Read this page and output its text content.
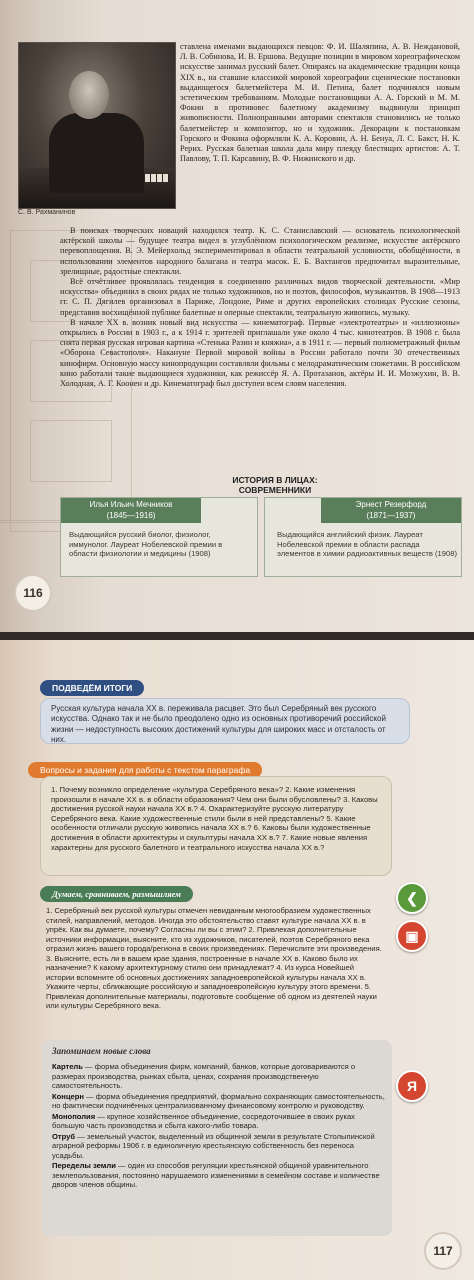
С. В. Рахманинов

ставлена именами выдающихся певцов: Ф. И. Шаляпина, А. В. Неждановой, Л. В. Собинова, И. В. Ершова. Ведущие позиции в мировом хореографическом искусстве занимал русский балет. Опираясь на академические традиции конца XIX в., на ставшие классикой мировой хореографии сценические постановки выдающегося балетмейстера М. И. Петипа, балет подчинялся новым эстетическим требованиям. Молодые постановщики А. А. Горский и М. М. Фокин в противовес балетному академизму выдвинули принцип живописности. Полноправными авторами спектакля становились не только балетмейстер и композитор, но и художник. Декорации к постановкам Горского и Фокина оформляли К. А. Коровин, А. Н. Бенуа, Л. С. Бакст, Н. К. Рерих. Русская балетная школа дала миру плеяду блестящих артистов: А. Т. Павлову, Т. П. Карсавину, В. Ф. Нижинского и др.

В поисках творческих новаций находился театр. К. С. Станиславский — основатель психологической актёрской школы — будущее театра видел в углублённом психологическом реализме, искусстве актёрского перевоплощения. В. Э. Мейерхольд экспериментировал в области театральной условности, обобщённости, в использовании элементов народного балагана и театра масок. Е. Б. Вахтангов предпочитал выразительные, зрелищные, радостные спектакли.

Всё отчётливее проявлялась тенденция к соединению различных видов творческой деятельности. «Мир искусства» объединил в своих рядах не только художников, но и поэтов, философов, музыкантов. В 1908—1913 гг. С. П. Дягилев организовал в Париже, Лондоне, Риме и других европейских столицах Русские сезоны, представив восхищённой публике балетные и оперные спектакли, театральную живопись, музыку.

В начале XX в. возник новый вид искусства — кинематограф. Первые «электротеатры» и «иллюзионы» открылись в России в 1903 г., а к 1914 г. зрителей приглашали уже около 4 тыс. кинотеатров. В 1908 г. была снята первая русская игровая картина «Стенька Разин и княжна», а в 1911 г. — первый полнометражный фильм «Оборона Севастополя». Накануне Первой мировой войны в России работало почти 30 отечественных кинофирм. Основную массу кинопродукции составляли фильмы с мелодраматическим сюжетами. В российском кино работали такие выдающиеся художники, как режиссёр Я. А. Протазанов, актёры И. И. Мозжухин, В. В. Холодная, А. Г. Коонен и др. Кинематограф был доступен всем слоям населения.

ИСТОРИЯ В ЛИЦАХ:
СОВРЕМЕННИКИ
Илья Ильич Мечников
(1845—1916)
Выдающийся русский биолог, физиолог, иммунолог. Лауреат Нобелевской премии в области физиологии и медицины (1908)
Эрнест Резерфорд
(1871—1937)
Выдающийся английский физик. Лауреат Нобелевской премии в области распада элементов в химии радиоактивных веществ (1908)
116
ПОДВЕДЁМ ИТОГИ
Русская культура начала XX в. переживала расцвет. Это был Серебряный век русского искусства. Однако так и не было преодолено одно из основных противоречий российской жизни — недоступность высоких достижений культуры для широких масс и отсталость от них.
Вопросы и задания для работы с текстом параграфа
1. Почему возникло определение «культура Серебряного века»? 2. Какие изменения произошли в начале XX в. в области образования? Чем они были обусловлены? 3. Каковы достижения русской науки начала XX в.? 4. Охарактеризуйте русскую литературу Серебряного века. Какие художественные стили были в ней представлены? 5. Какие особенности отличали русскую живопись начала XX в.? 6. Каковы были художественные достижения в области архитектуры и скульптуры начала XX в.? 7. Какие новые явления характерны для русского балетного и театрального искусства начала XX в.?
Думаем, сравниваем, размышляем
1. Серебряный век русской культуры отмечен невиданным многообразием художественных стилей, направлений, методов. Иногда это обстоятельство ставят культуре начала XX в. в упрёк. Как вы думаете, почему? Согласны ли вы с этим? 2. Привлекая дополнительные источники информации, выясните, кто из художников, писателей, поэтов Серебряного века отразил жизнь вашего города/региона в своих произведениях. Перечислите эти произведения. 3. Выясните, есть ли в вашем крае здания, построенные в начале XX в. Каково было их назначение? К какому архитектурному стилю они принадлежат? 4. Из курса Новейшей истории вспомните об основных достижениях западноевропейской культуры начала XX в. Укажите черты, сближающие российскую и западноевропейскую культуру этого времени. 5. Привлекая дополнительные материалы, подготовьте сообщение об одном из деятелей науки или культуры Серебряного века.
Запоминаем новые слова

Картель — форма объединения фирм, компаний, банков, которые договариваются о размерах производства, рынках сбыта, ценах, сохраняя производственную самостоятельность.

Концерн — форма объединения предприятий, формально сохраняющих самостоятельность, но фактически подчинённых централизованному финансовому контролю и руководству.

Монополия — крупное хозяйственное объединение, сосредоточившее в своих руках большую часть производства и сбыта какого-либо товара.

Отруб — земельный участок, выделенный из общинной земли в результате Столыпинской аграрной реформы 1906 г. в единоличную крестьянскую собственность без переноса усадьбы.

Переделы земли — один из способов регуляции крестьянской общиной уравнительного землепользования, постоянно нарушаемого изменениями в семейном составе и количестве дворов членов общины.

❮
▣
Я
117
